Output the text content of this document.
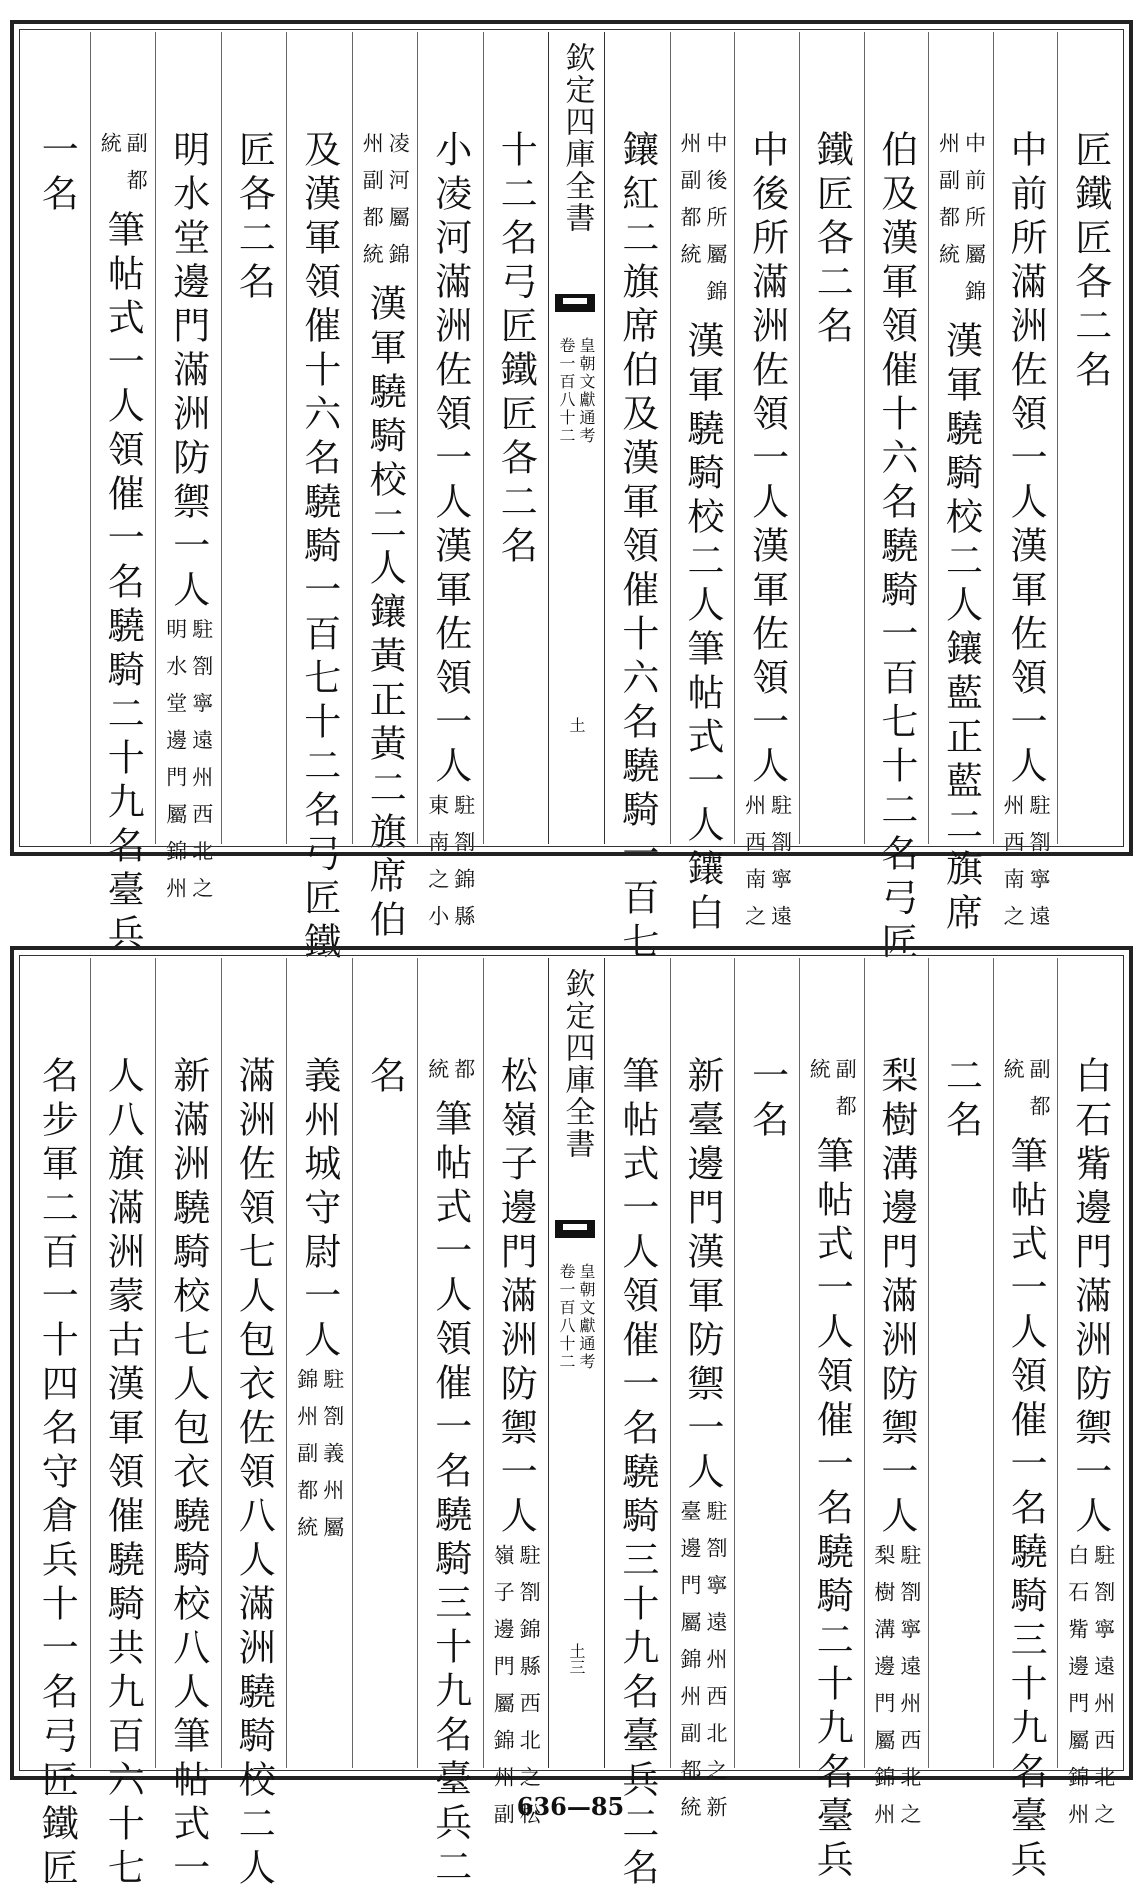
欽定四庫全書
皇朝文獻通考
卷一百八十二
土
匠鐵匠各二名
中前所滿洲佐領一人漢軍佐領一人
駐劄寧遠
州西南之
中前所屬錦
州副都統
漢軍驍騎校二人鑲藍正藍二旗席
伯及漢軍領催十六名驍騎一百七十二名弓匠
鐵匠各二名
中後所滿洲佐領一人漢軍佐領一人
駐劄寧遠
州西南之
中後所屬錦
州副都統
漢軍驍騎校二人筆帖式一人鑲白
鑲紅二旗席伯及漢軍領催十六名驍騎一百七
十二名弓匠鐵匠各二名
小凌河滿洲佐領一人漢軍佐領一人
駐劄錦縣
東南之小
凌河屬錦
州副都統
漢軍驍騎校二人鑲黃正黃二旗席伯
及漢軍領催十六名驍騎一百七十二名弓匠鐵
匠各二名
明水堂邊門滿洲防禦一人
駐劄寧遠州西北之
明水堂邊門屬錦州
副都
統
筆帖式一人領催一名驍騎二十九名臺兵
一名
欽定四庫全書
皇朝文獻通考
卷一百八十二
土三
白石觜邊門滿洲防禦一人
駐劄寧遠州西北之
白石觜邊門屬錦州
副都
統
筆帖式一人領催一名驍騎三十九名臺兵
二名
梨樹溝邊門滿洲防禦一人
駐劄寧遠州西北之
梨樹溝邊門屬錦州
副都
統
筆帖式一人領催一名驍騎二十九名臺兵
一名
新臺邊門漢軍防禦一人
駐劄寧遠州西北之新
臺邊門屬錦州副都統
筆帖式一人領催一名驍騎三十九名臺兵二名
松嶺子邊門滿洲防禦一人
駐劄錦縣西北之松
嶺子邊門屬錦州副
都
統
筆帖式一人領催一名驍騎三十九名臺兵二
名
義州城守尉一人
駐劄義州屬
錦州副都統
滿洲佐領七人包衣佐領八人滿洲驍騎校二人
新滿洲驍騎校七人包衣驍騎校八人筆帖式一
人八旗滿洲蒙古漢軍領催驍騎共九百六十七
名步軍二百一十四名守倉兵十一名弓匠鐵匠	636—85
